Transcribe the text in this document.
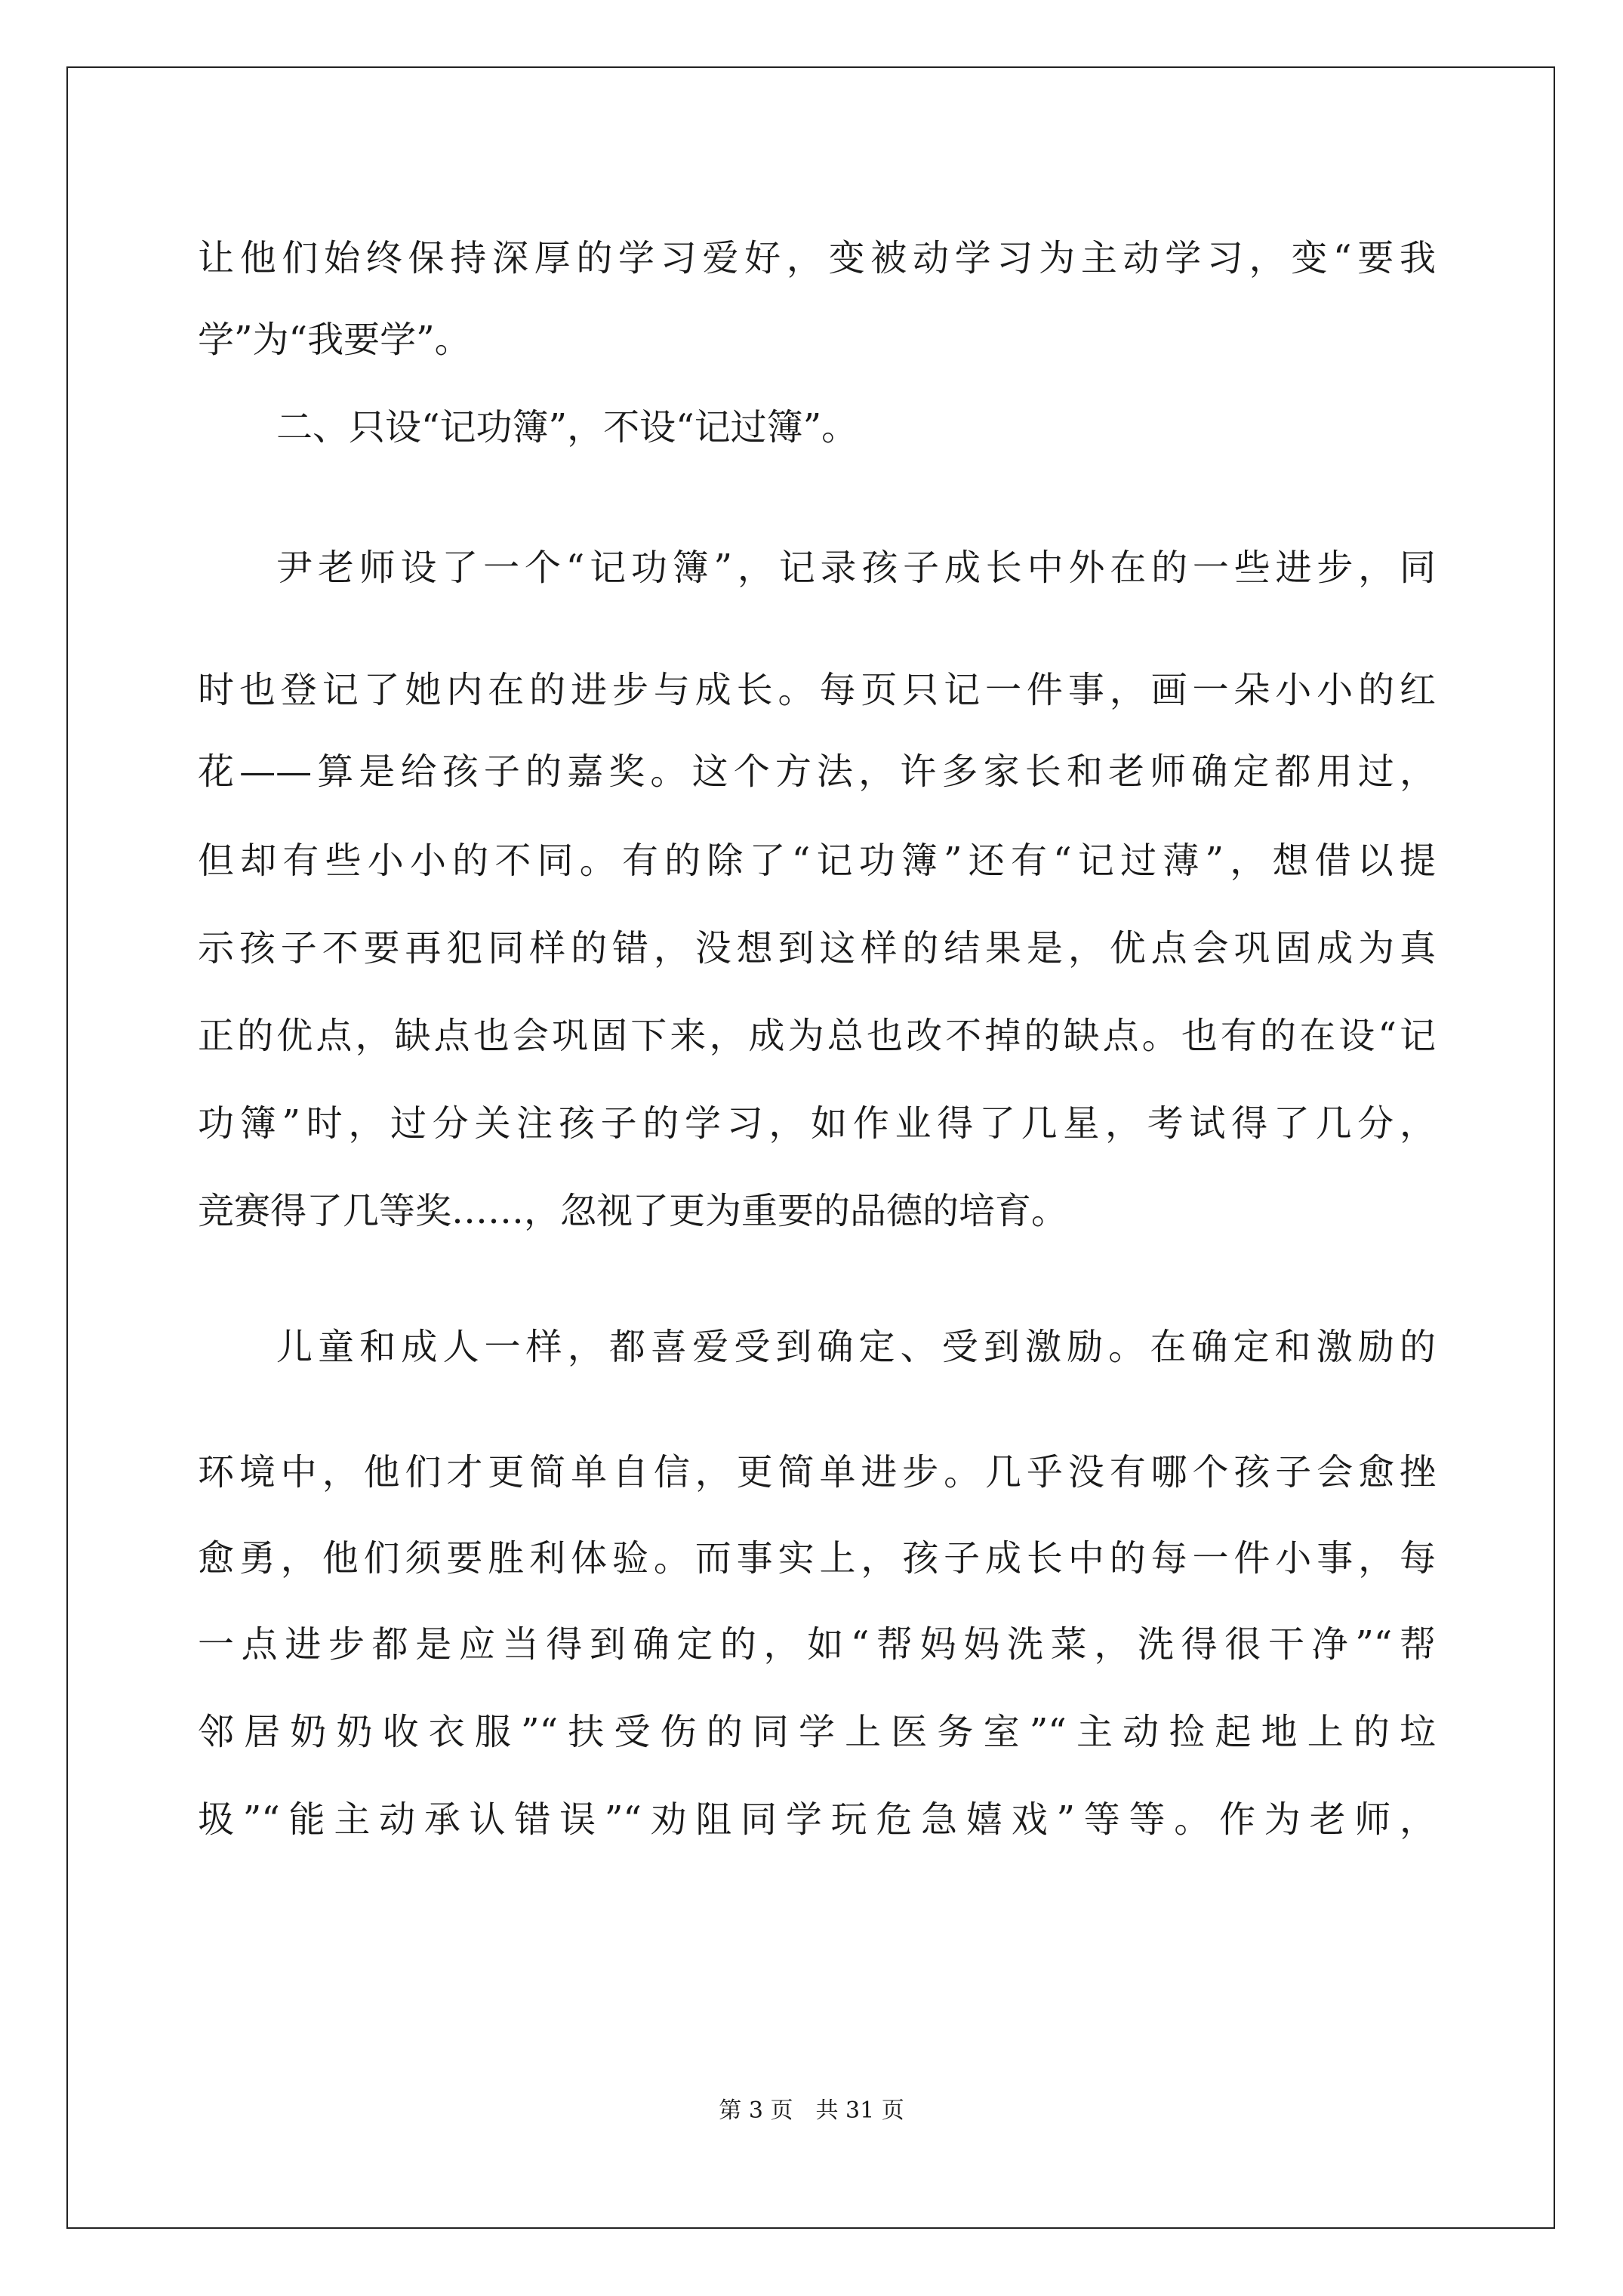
让他们始终保持深厚的学习爱好，变被动学习为主动学习，变“要我
学”为“我要学”。
二、只设“记功簿”，不设“记过簿”。
尹老师设了一个“记功簿”，记录孩子成长中外在的一些进步，同
时也登记了她内在的进步与成长。每页只记一件事，画一朵小小的红
花——算是给孩子的嘉奖。这个方法，许多家长和老师确定都用过，
但却有些小小的不同。有的除了“记功簿”还有“记过薄”，想借以提
示孩子不要再犯同样的错，没想到这样的结果是，优点会巩固成为真
正的优点，缺点也会巩固下来，成为总也改不掉的缺点。也有的在设“记
功簿”时，过分关注孩子的学习，如作业得了几星，考试得了几分，
竞赛得了几等奖……，忽视了更为重要的品德的培育。
儿童和成人一样，都喜爱受到确定、受到激励。在确定和激励的
环境中，他们才更简单自信，更简单进步。几乎没有哪个孩子会愈挫
愈勇，他们须要胜利体验。而事实上，孩子成长中的每一件小事，每
一点进步都是应当得到确定的，如“帮妈妈洗菜，洗得很干净”“帮
邻居奶奶收衣服”“扶受伤的同学上医务室”“主动捡起地上的垃
圾”“能主动承认错误”“劝阻同学玩危急嬉戏”等等。作为老师，
第 3 页　共 31 页
